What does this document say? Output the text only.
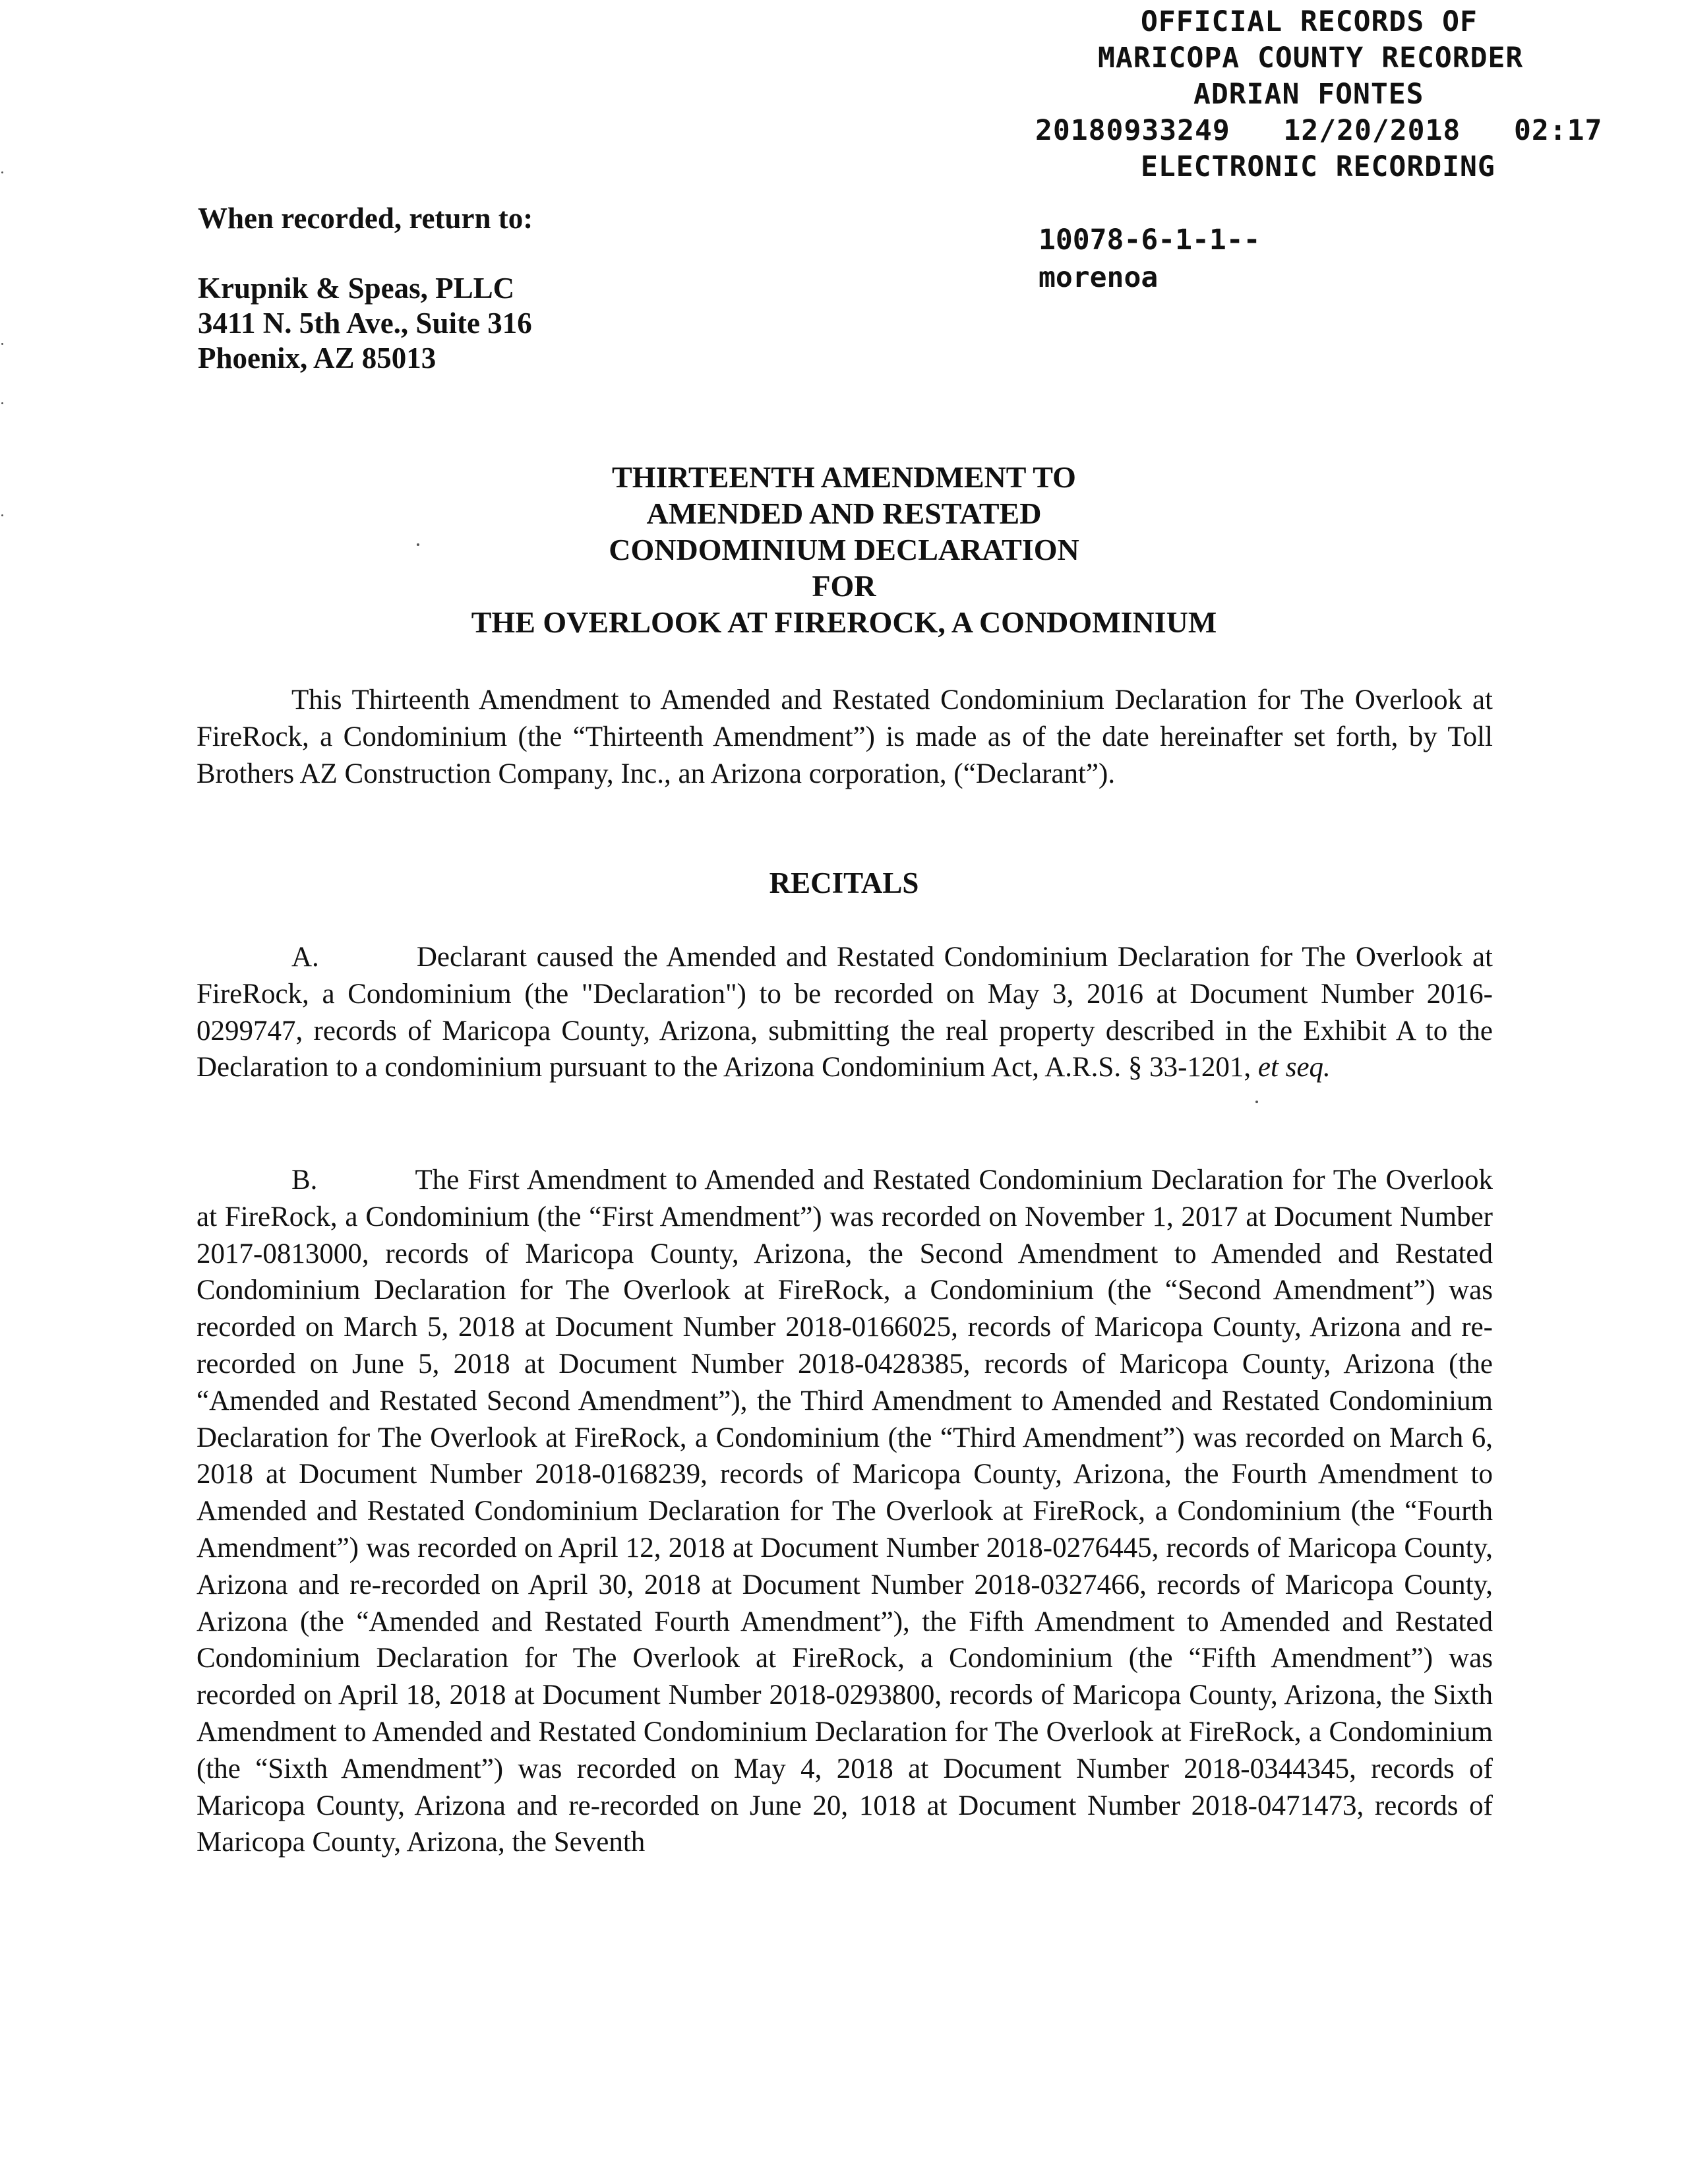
OFFICIAL RECORDS OF
MARICOPA COUNTY RECORDER
ADRIAN FONTES
20180933249   12/20/2018   02:17
ELECTRONIC RECORDING
10078-6-1-1--
morenoa
When recorded, return to:
Krupnik & Speas, PLLC
3411 N. 5th Ave., Suite 316
Phoenix, AZ 85013
THIRTEENTH AMENDMENT TO
AMENDED AND RESTATED
CONDOMINIUM DECLARATION
FOR
THE OVERLOOK AT FIREROCK, A CONDOMINIUM
This Thirteenth Amendment to Amended and Restated Condominium Declaration for The Overlook at FireRock, a Condominium (the “Thirteenth Amendment”) is made as of the date hereinafter set forth, by Toll Brothers AZ Construction Company, Inc., an Arizona corporation, (“Declarant”).
RECITALS
A.	Declarant caused the Amended and Restated Condominium Declaration for The Overlook at FireRock, a Condominium (the "Declaration") to be recorded on May 3, 2016 at Document Number 2016-0299747, records of Maricopa County, Arizona, submitting the real property described in the Exhibit A to the Declaration to a condominium pursuant to the Arizona Condominium Act, A.R.S. § 33-1201, et seq.
B.	The First Amendment to Amended and Restated Condominium Declaration for The Overlook at FireRock, a Condominium (the “First Amendment”) was recorded on November 1, 2017 at Document Number 2017-0813000, records of Maricopa County, Arizona, the Second Amendment to Amended and Restated Condominium Declaration for The Overlook at FireRock, a Condominium (the “Second Amendment”) was recorded on March 5, 2018 at Document Number 2018-0166025, records of Maricopa County, Arizona and re-recorded on June 5, 2018 at Document Number 2018-0428385, records of Maricopa County, Arizona (the “Amended and Restated Second Amendment”), the Third Amendment to Amended and Restated Condominium Declaration for The Overlook at FireRock, a Condominium (the “Third Amendment”) was recorded on March 6, 2018 at Document Number 2018-0168239, records of Maricopa County, Arizona, the Fourth Amendment to Amended and Restated Condominium Declaration for The Overlook at FireRock, a Condominium (the “Fourth Amendment”) was recorded on April 12, 2018 at Document Number 2018-0276445, records of Maricopa County, Arizona and re-recorded on April 30, 2018 at Document Number 2018-0327466, records of Maricopa County, Arizona (the “Amended and Restated Fourth Amendment”), the Fifth Amendment to Amended and Restated Condominium Declaration for The Overlook at FireRock, a Condominium (the “Fifth Amendment”) was recorded on April 18, 2018 at Document Number 2018-0293800, records of Maricopa County, Arizona, the Sixth Amendment to Amended and Restated Condominium Declaration for The Overlook at FireRock, a Condominium (the “Sixth Amendment”) was recorded on May 4, 2018 at Document Number 2018-0344345, records of Maricopa County, Arizona and re-recorded on June 20, 1018 at Document Number 2018-0471473, records of Maricopa County, Arizona, the Seventh
